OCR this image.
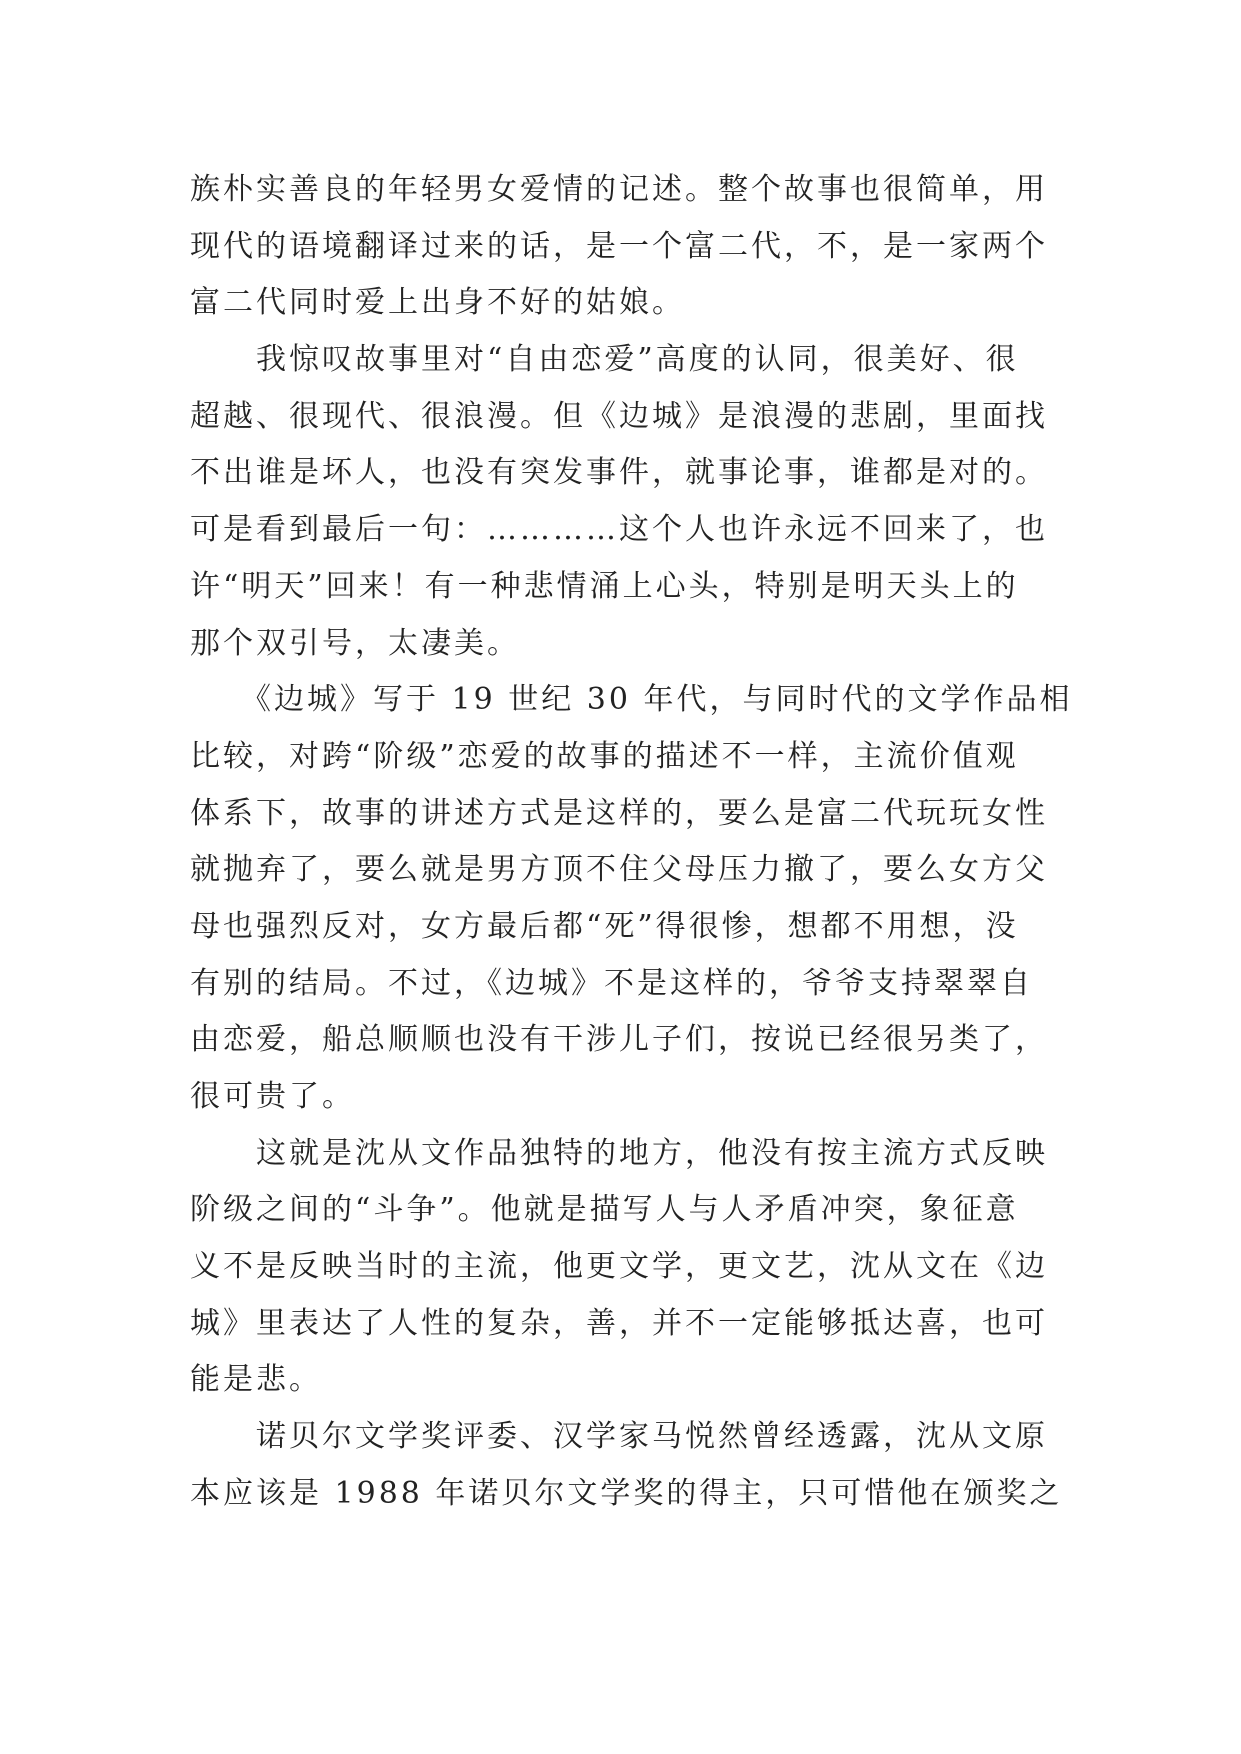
族朴实善良的年轻男女爱情的记述。整个故事也很简单，用
现代的语境翻译过来的话，是一个富二代，不，是一家两个
富二代同时爱上出身不好的姑娘。
　　我惊叹故事里对“自由恋爱”高度的认同，很美好、很
超越、很现代、很浪漫。但《边城》是浪漫的悲剧，里面找
不出谁是坏人，也没有突发事件，就事论事，谁都是对的。
可是看到最后一句：…………这个人也许永远不回来了，也
许“明天”回来！有一种悲情涌上心头，特别是明天头上的
那个双引号，太凄美。
　　《边城》写于 19 世纪 30 年代，与同时代的文学作品相
比较，对跨“阶级”恋爱的故事的描述不一样，主流价值观
体系下，故事的讲述方式是这样的，要么是富二代玩玩女性
就抛弃了，要么就是男方顶不住父母压力撤了，要么女方父
母也强烈反对，女方最后都“死”得很惨，想都不用想，没
有别的结局。不过，《边城》不是这样的，爷爷支持翠翠自
由恋爱，船总顺顺也没有干涉儿子们，按说已经很另类了，
很可贵了。
　　这就是沈从文作品独特的地方，他没有按主流方式反映
阶级之间的“斗争”。他就是描写人与人矛盾冲突，象征意
义不是反映当时的主流，他更文学，更文艺，沈从文在《边
城》里表达了人性的复杂，善，并不一定能够抵达喜，也可
能是悲。
　　诺贝尔文学奖评委、汉学家马悦然曾经透露，沈从文原
本应该是 1988 年诺贝尔文学奖的得主，只可惜他在颁奖之
